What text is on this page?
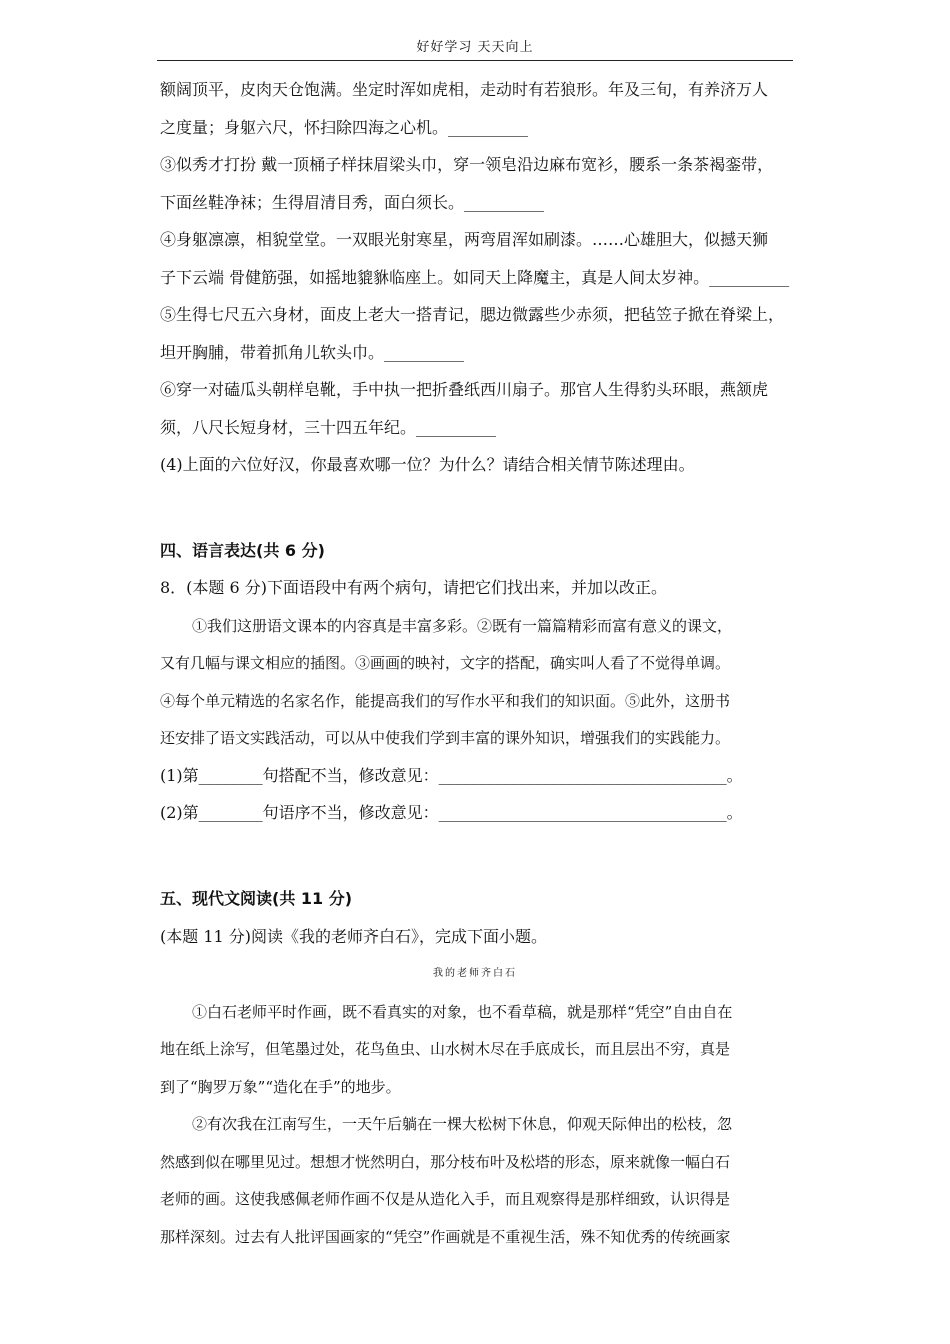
好好学习 天天向上
额阔顶平，皮肉天仓饱满。坐定时浑如虎相，走动时有若狼形。年及三旬，有养济万人
之度量；身躯六尺，怀扫除四海之心机。__________
③似秀才打扮 戴一顶桶子样抹眉梁头巾，穿一领皂沿边麻布宽衫，腰系一条茶褐銮带，
下面丝鞋净袜；生得眉清目秀，面白须长。__________
④身躯凛凛，相貌堂堂。一双眼光射寒星，两弯眉浑如刷漆。……心雄胆大，似撼天狮
子下云端 骨健筋强，如摇地貔貅临座上。如同天上降魔主，真是人间太岁神。__________
⑤生得七尺五六身材，面皮上老大一搭青记，腮边微露些少赤须，把毡笠子掀在脊梁上，
坦开胸脯，带着抓角儿软头巾。__________
⑥穿一对磕瓜头朝样皂靴，手中执一把折叠纸西川扇子。那官人生得豹头环眼，燕颔虎
须，八尺长短身材，三十四五年纪。__________
(4)上面的六位好汉，你最喜欢哪一位？为什么？请结合相关情节陈述理由。
四、语言表达(共 6 分)
8．(本题 6 分)下面语段中有两个病句，请把它们找出来，并加以改正。
①我们这册语文课本的内容真是丰富多彩。②既有一篇篇精彩而富有意义的课文，
又有几幅与课文相应的插图。③画画的映衬，文字的搭配，确实叫人看了不觉得单调。
④每个单元精选的名家名作，能提高我们的写作水平和我们的知识面。⑤此外，这册书
还安排了语文实践活动，可以从中使我们学到丰富的课外知识，增强我们的实践能力。
(1)第________句搭配不当，修改意见：____________________________________。
(2)第________句语序不当，修改意见：____________________________________。
五、现代文阅读(共 11 分)
(本题 11 分)阅读《我的老师齐白石》，完成下面小题。
我的老师齐白石
①白石老师平时作画，既不看真实的对象，也不看草稿，就是那样“凭空”自由自在
地在纸上涂写，但笔墨过处，花鸟鱼虫、山水树木尽在手底成长，而且层出不穷，真是
到了“胸罗万象”“造化在手”的地步。
②有次我在江南写生，一天午后躺在一棵大松树下休息，仰观天际伸出的松枝，忽
然感到似在哪里见过。想想才恍然明白，那分枝布叶及松塔的形态，原来就像一幅白石
老师的画。这使我感佩老师作画不仅是从造化入手，而且观察得是那样细致，认识得是
那样深刻。过去有人批评国画家的“凭空”作画就是不重视生活，殊不知优秀的传统画家
